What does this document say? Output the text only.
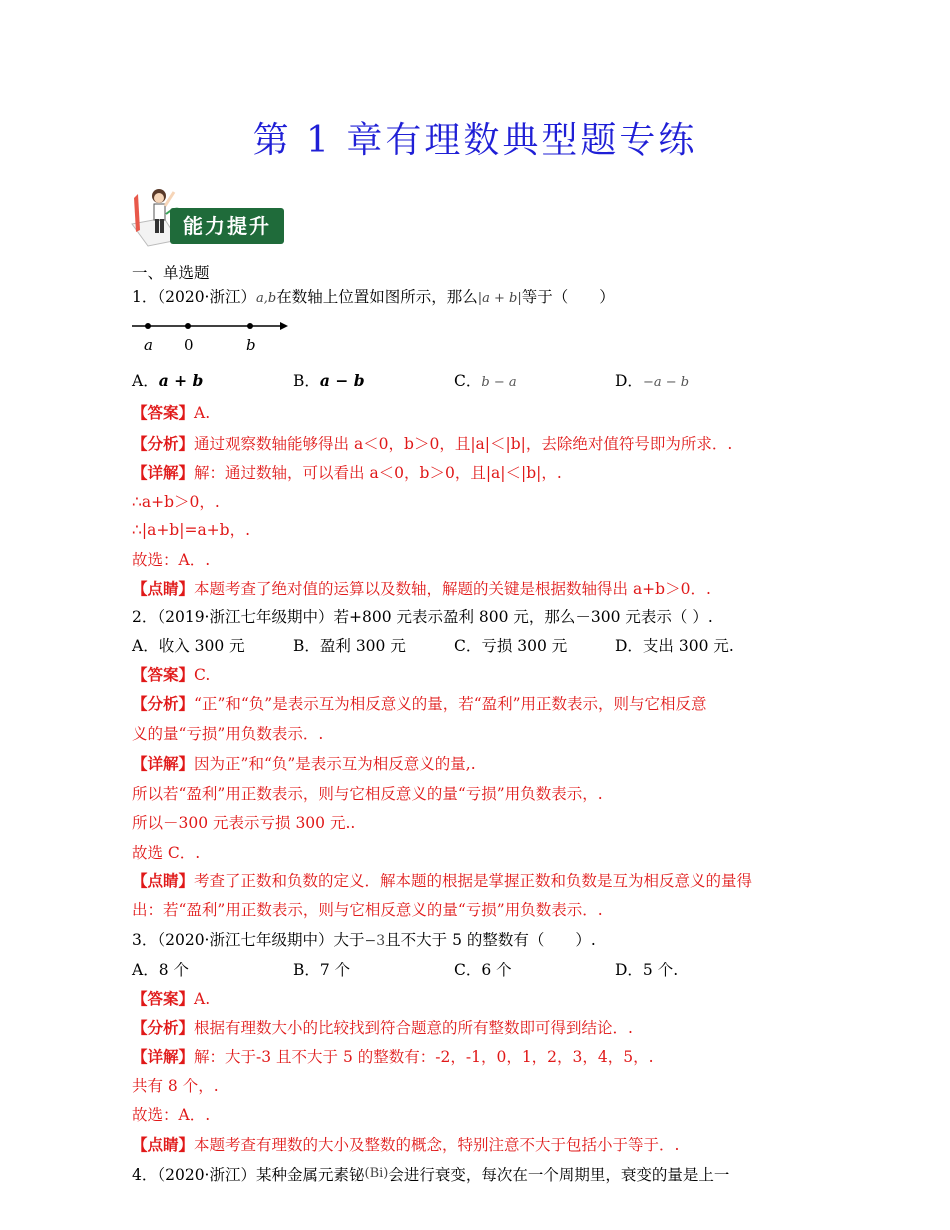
第 1 章有理数典型题专练
能力提升
一、单选题
1．（2020·浙江）a,b在数轴上位置如图所示，那么|a + b|等于（　　）
a 0	b
A．a + b	B．a − b	C．b − a	D．−a − b
【答案】A.
【分析】通过观察数轴能够得出 a＜0，b＞0，且|a|＜|b|，去除绝对值符号即为所求．.
【详解】解：通过数轴，可以看出 a＜0，b＞0，且|a|＜|b|，.
∴a+b＞0，.
∴|a+b|=a+b，.
故选：A．.
【点睛】本题考查了绝对值的运算以及数轴，解题的关键是根据数轴得出 a+b＞0．.
2．（2019·浙江七年级期中）若+800 元表示盈利 800 元，那么－300 元表示（ ）.
A．收入 300 元	B．盈利 300 元	C．亏损 300 元	D．支出 300 元.
【答案】C.
【分析】“正”和“负”是表示互为相反意义的量，若“盈利”用正数表示，则与它相反意
义的量“亏损”用负数表示．.
【详解】因为正”和“负”是表示互为相反意义的量,.
所以若“盈利”用正数表示，则与它相反意义的量“亏损”用负数表示，.
所以－300 元表示亏损 300 元..
故选 C．.
【点睛】考查了正数和负数的定义．解本题的根据是掌握正数和负数是互为相反意义的量得
出：若“盈利”用正数表示，则与它相反意义的量“亏损”用负数表示．.
3．（2020·浙江七年级期中）大于−3且不大于 5 的整数有（　　）.
A．8 个	B．7 个	C．6 个	D．5 个.
【答案】A.
【分析】根据有理数大小的比较找到符合题意的所有整数即可得到结论．.
【详解】解：大于-3 且不大于 5 的整数有：-2，-1，0，1，2，3，4，5，.
共有 8 个，.
故选：A．.
【点睛】本题考查有理数的大小及整数的概念，特别注意不大于包括小于等于．.
4．（2020·浙江）某种金属元素铋(Bi)会进行衰变，每次在一个周期里，衰变的量是上一
